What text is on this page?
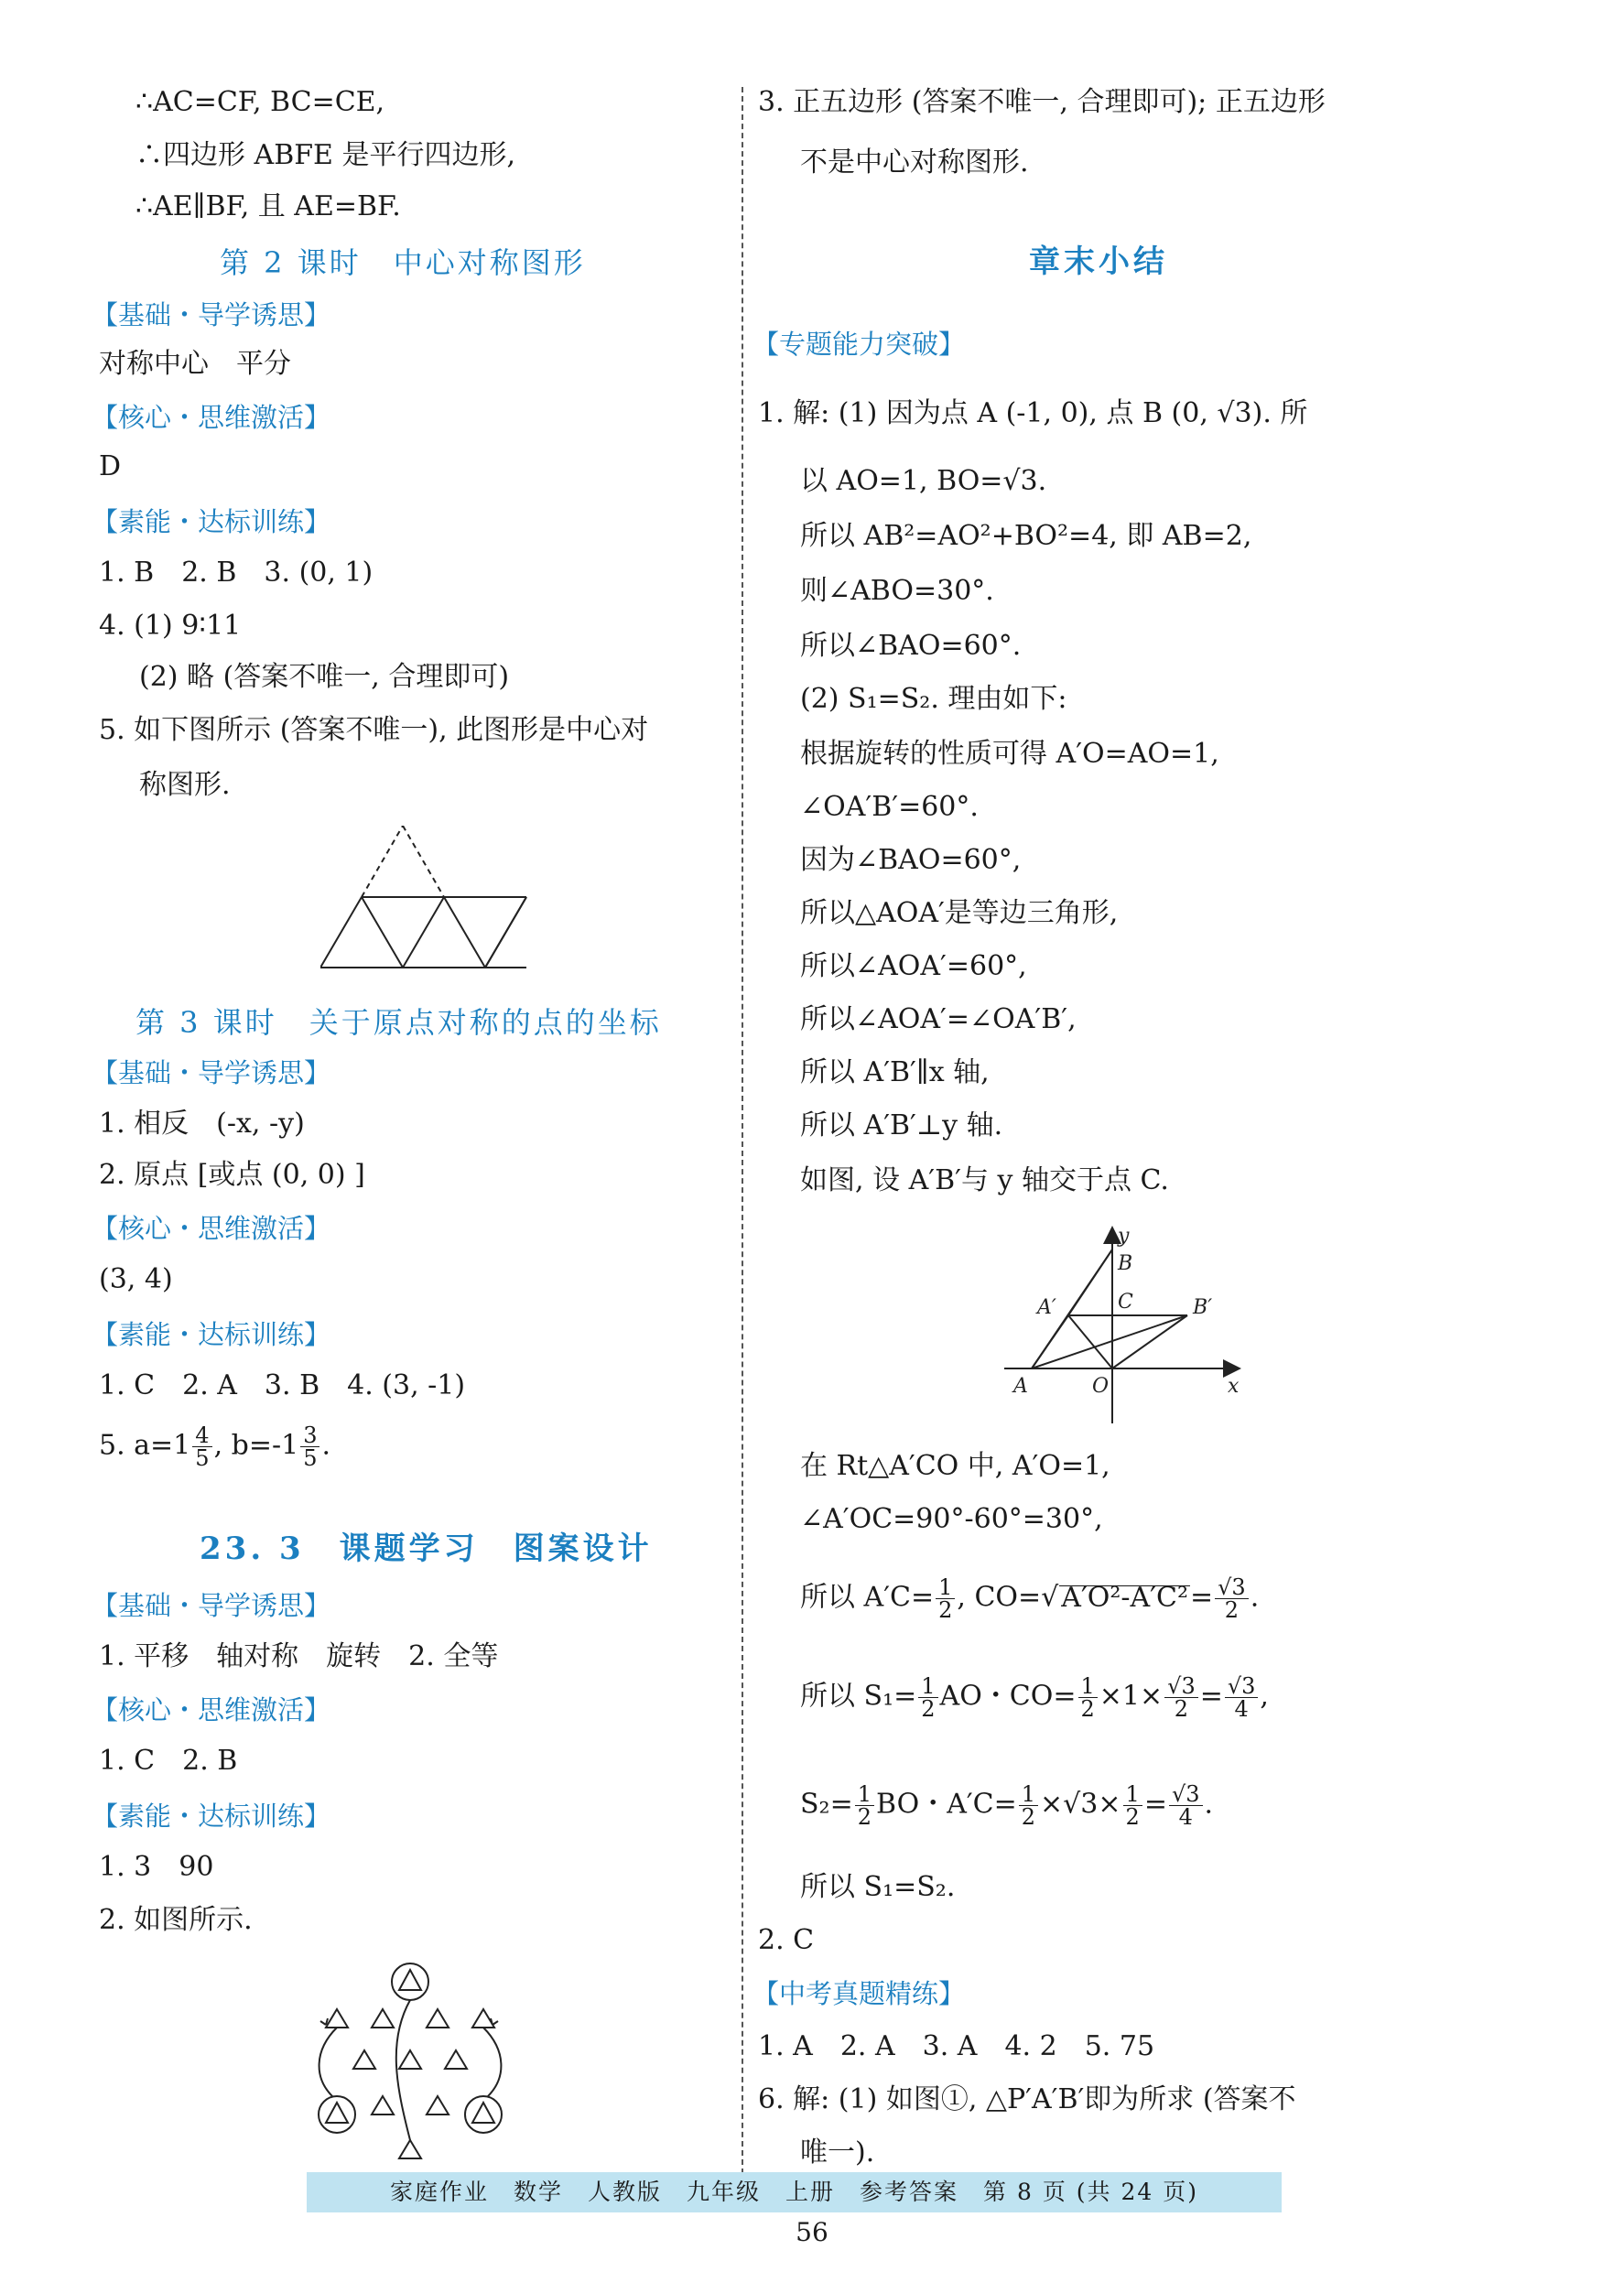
∴AC=CF, BC=CE,
∴四边形 ABFE 是平行四边形,
∴AE∥BF, 且 AE=BF.
第 2 课时　中心对称图形
【基础・导学诱思】
对称中心　平分
【核心・思维激活】
D
【素能・达标训练】
1. B　2. B　3. (0, 1)
4. (1) 9∶11
(2) 略 (答案不唯一, 合理即可)
5. 如下图所示 (答案不唯一), 此图形是中心对
称图形.
第 3 课时　关于原点对称的点的坐标
【基础・导学诱思】
1. 相反　(-x, -y)
2. 原点 [或点 (0, 0) ]
【核心・思维激活】
(3, 4)
【素能・达标训练】
1. C　2. A　3. B　4. (3, -1)
5. $a=1 \frac{4}{5}$ , $b=-1 \frac{3}{5}$ .
23. 3　课题学习　图案设计
【基础・导学诱思】
1. 平移　轴对称　旋转　2. 全等
【核心・思维激活】
1. C　2. B
【素能・达标训练】
1. 3　90
2. 如图所示.
3. 正五边形 (答案不唯一, 合理即可); 正五边形
不是中心对称图形.
章末小结
【专题能力突破】
1. 解: (1) 因为点 A (-1, 0), 点 B (0, √3). 所
以 AO=1, BO=√3.
所以 AB²=AO²+BO²=4, 即 AB=2,
则∠ABO=30°.
所以∠BAO=60°.
(2) S₁=S₂. 理由如下:
根据旋转的性质可得 A′O=AO=1,
∠OA′B′=60°.
因为∠BAO=60°,
所以△AOA′是等边三角形,
所以∠AOA′=60°,
所以∠AOA′=∠OA′B′,
所以 A′B′∥x 轴,
所以 A′B′⊥y 轴.
如图, 设 A′B′与 y 轴交于点 C.
y
B
A′	C	B′
A	O	x
在 Rt△A′CO 中, A′O=1,
∠A′OC=90°-60°=30°,
所以 $A'C= \frac{1}{2}$ , CO=√ $A'O^2-A'C^2= \frac{√3}{2}$ .
所以 $S_1= \frac{1}{2}$ AO・$CO= \frac{1}{2} \times 1\times \frac{√3}{2} = \frac{√3}{4}$ ,
$S_2= \frac{1}{2}$ BO・$A'C= \frac{1}{2} \times√3\times \frac{1}{2} = \frac{√3}{4}$ .
所以 S₁=S₂.
2. C
【中考真题精练】
1. A　2. A　3. A　4. 2　5. 75
6. 解: (1) 如图①, △P′A′B′即为所求 (答案不
唯一).
家庭作业　数学　人教版　九年级　上册　参考答案　第 8 页 (共 24 页)
56
